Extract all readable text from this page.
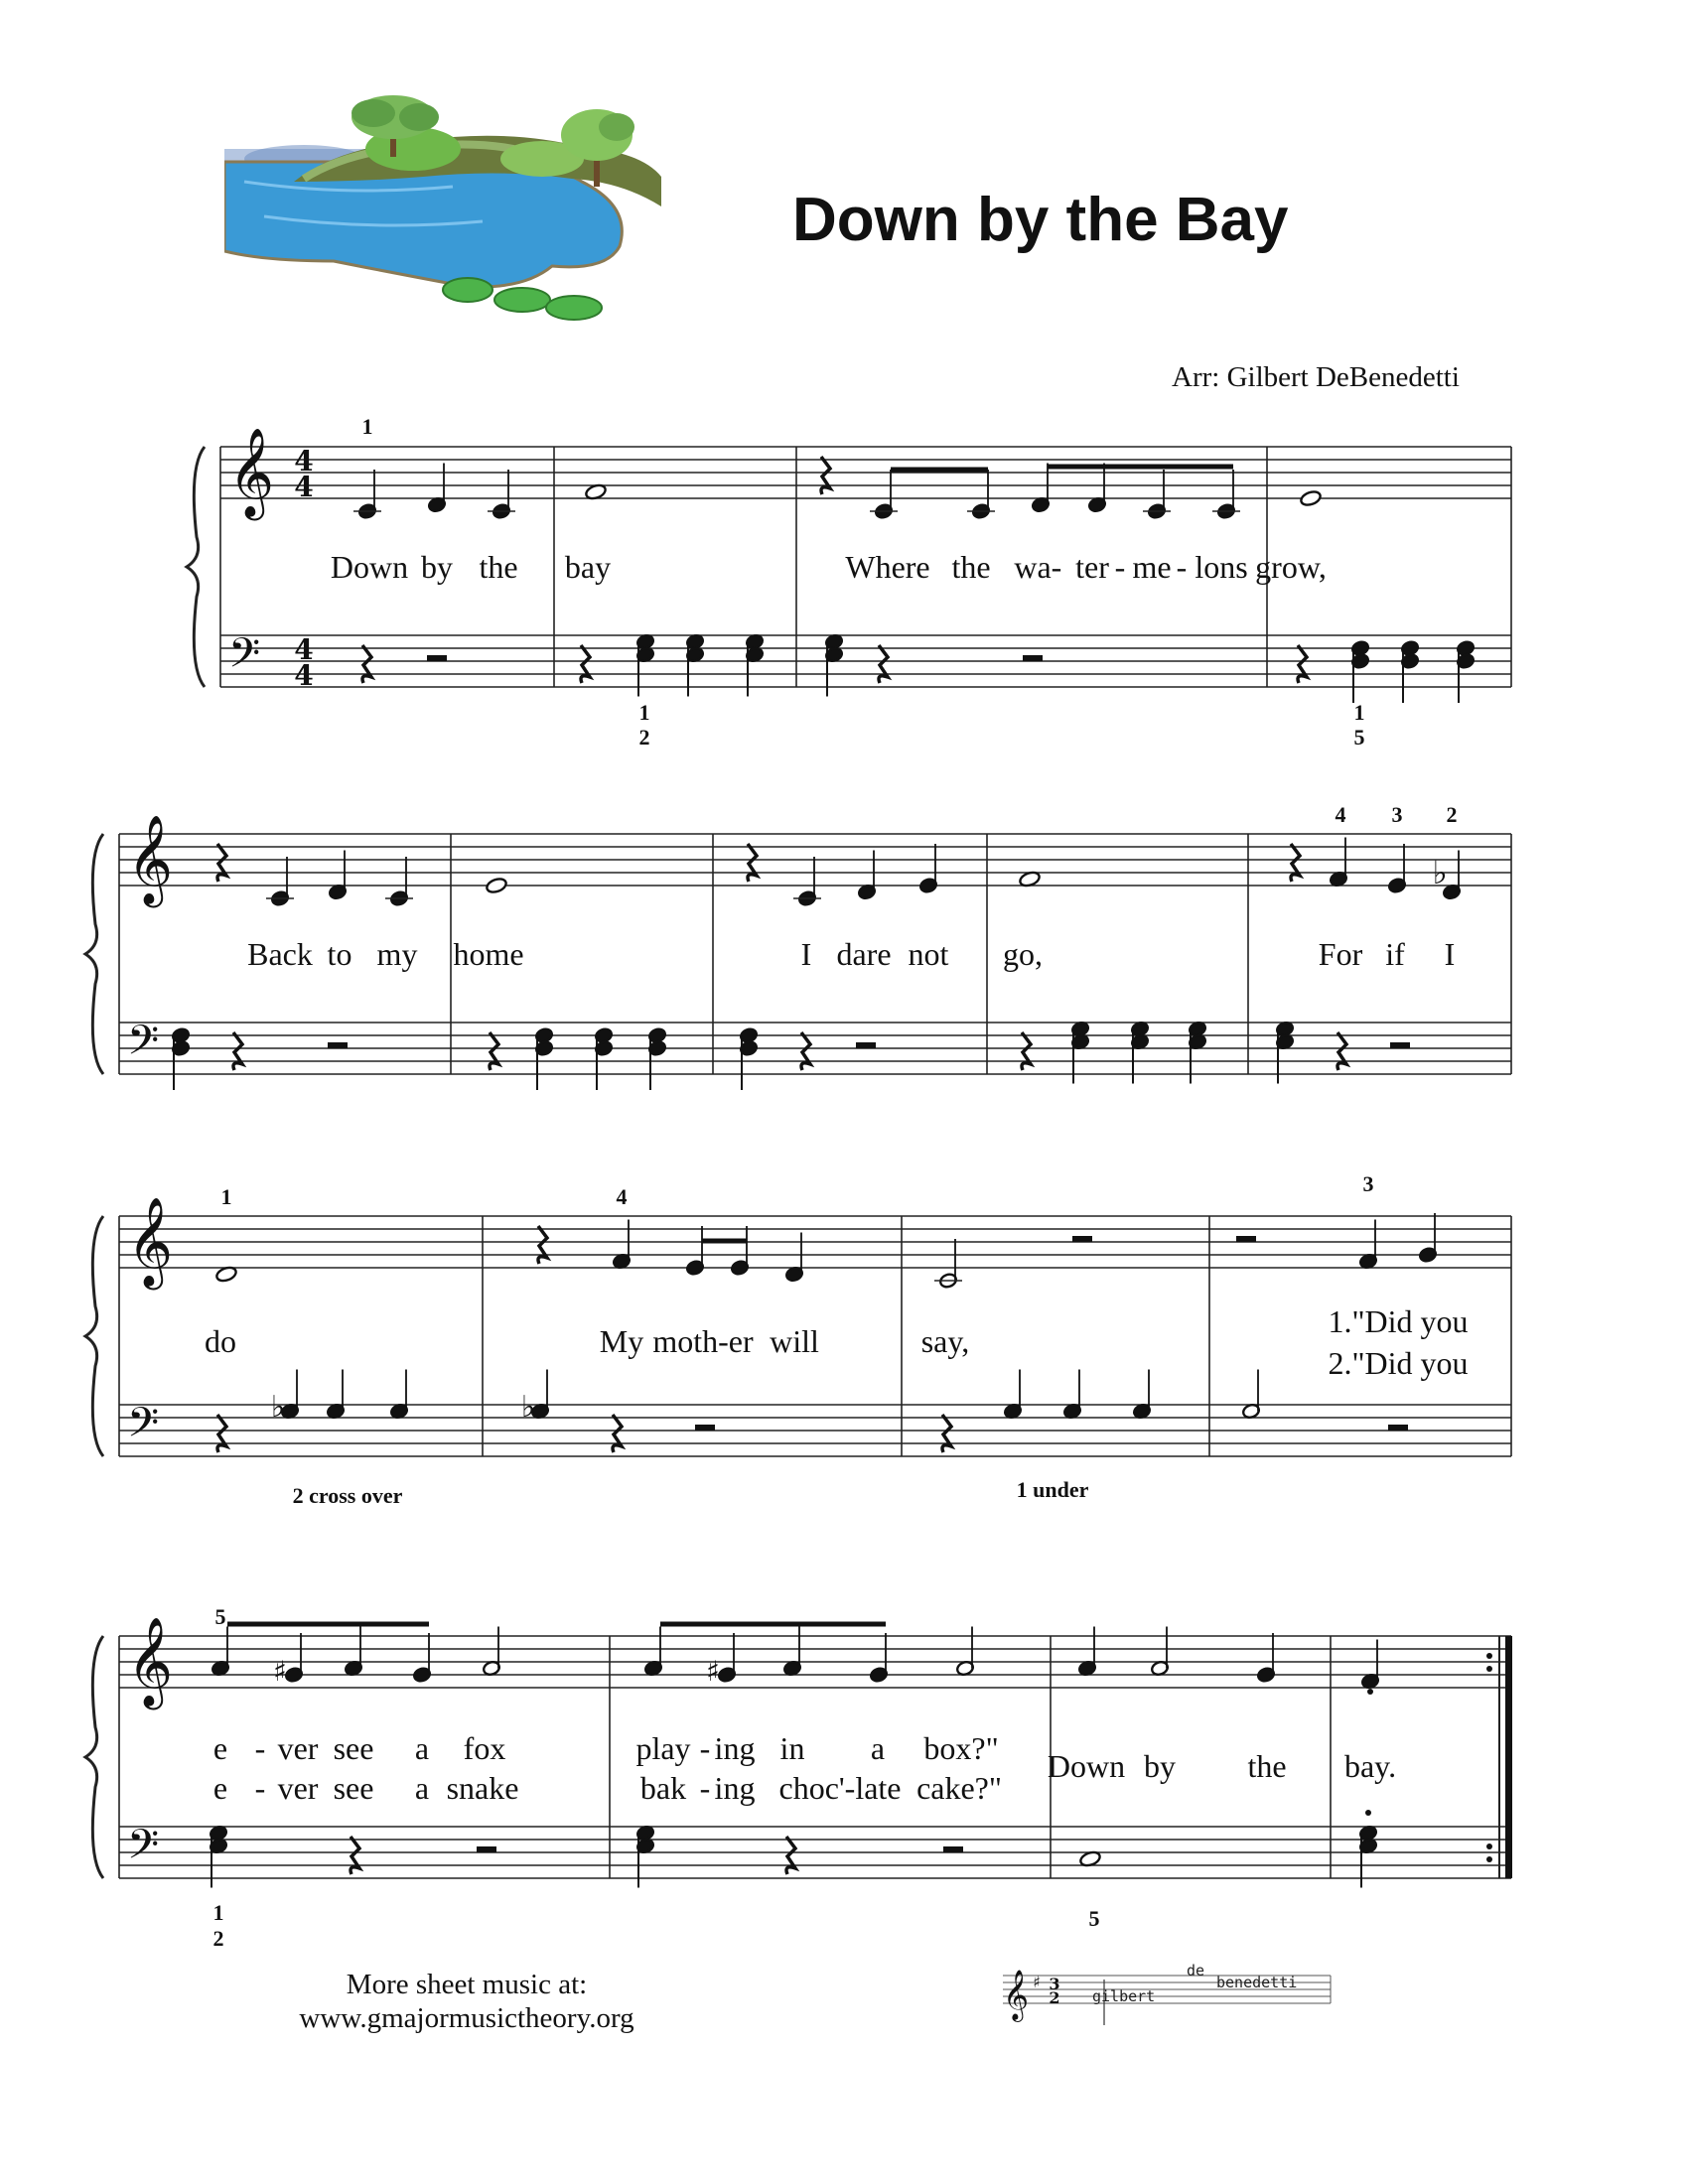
Down by the Bay
Arr: Gilbert DeBenedetti
𝄞
𝄢
4
4
4
4
𝄞
𝄢
𝄞
𝄢
𝄞
𝄢
♭
♭	♭
♯	♯
Down by the bay	Where the wa - ter - me - lons grow,
Back to my home	I dare not go,	For if I
do	My moth-er will	say,
1."Did you
2."Did you
e - ver see a fox	play - ing in a box?"
e - ver see a snake	bak - ing choc'-late cake?"
Down by the bay.
1
1
2
1
5
4 3 2
1	4
3
2 cross over	1 under
5
1
2
5
𝄞 ♯ 3
2 gilbert
de
benedetti
More sheet music at:
www.gmajormusictheory.org
